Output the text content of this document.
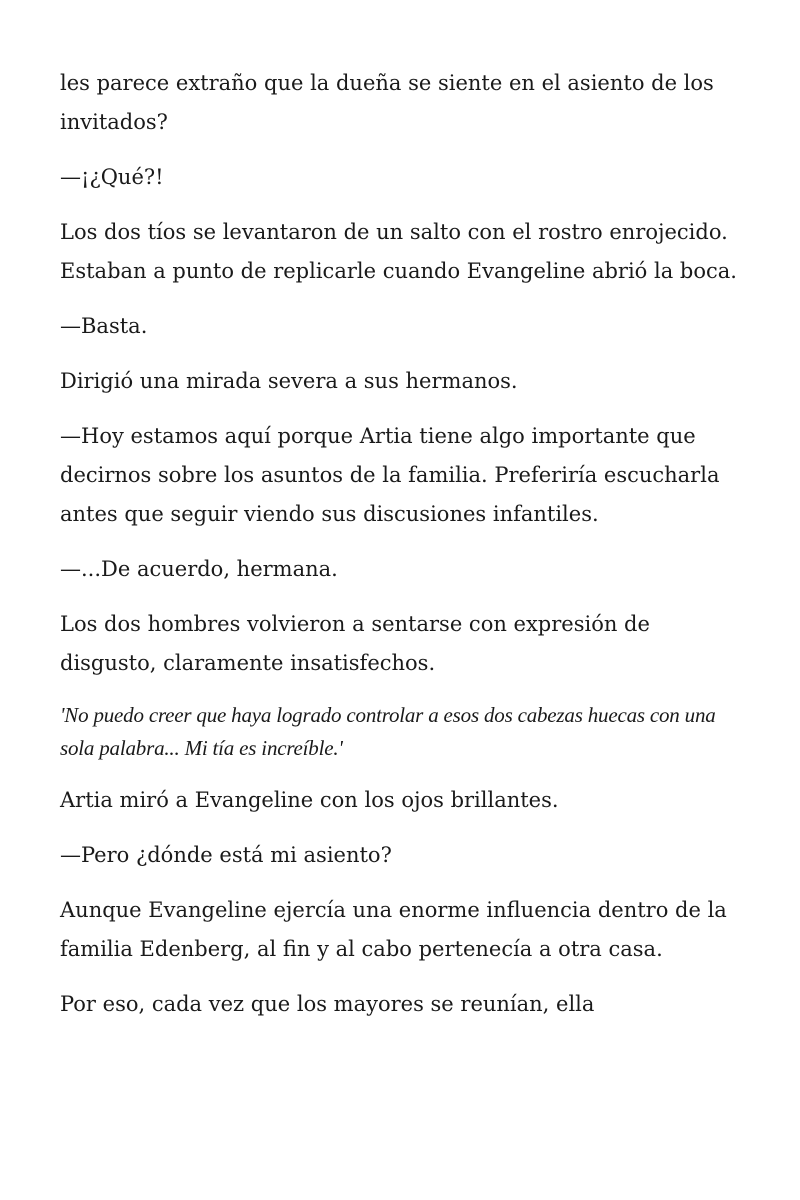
les parece extraño que la dueña se siente en el asiento de los invitados?

—¡¿Qué?!

Los dos tíos se levantaron de un salto con el rostro enrojecido. Estaban a punto de replicarle cuando Evangeline abrió la boca.

—Basta.

Dirigió una mirada severa a sus hermanos.

—Hoy estamos aquí porque Artia tiene algo importante que decirnos sobre los asuntos de la familia. Preferiría escucharla antes que seguir viendo sus discusiones infantiles.

—...De acuerdo, hermana.

Los dos hombres volvieron a sentarse con expresión de disgusto, claramente insatisfechos.

'No puedo creer que haya logrado controlar a esos dos cabezas huecas con una sola palabra... Mi tía es increíble.'

Artia miró a Evangeline con los ojos brillantes.

—Pero ¿dónde está mi asiento?

Aunque Evangeline ejercía una enorme influencia dentro de la familia Edenberg, al fin y al cabo pertenecía a otra casa.

Por eso, cada vez que los mayores se reunían, ella
